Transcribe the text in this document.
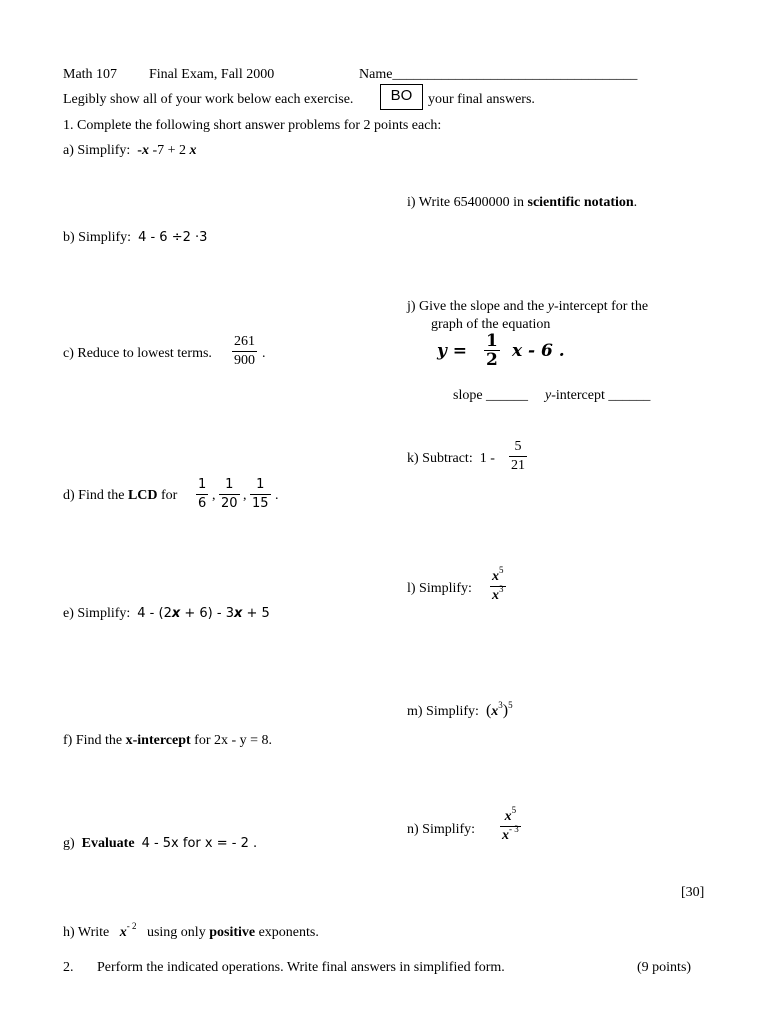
Math 107 Final Exam, Fall 2000	Name___________________________________
Legibly show all of your work below each exercise.	BO	your final answers.
1. Complete the following short answer problems for 2 points each:
a) Simplify: -x -7 + 2 x
b) Simplify: 4 - 6 ÷2 ·3
c) Reduce to lowest terms. $\frac{261}{900}$ .
d) Find the LCD for $\frac{1}{6}$ , $\frac{1}{20}$ , $\frac{1}{15}$ .
e) Simplify: 4 - (2x + 6) - 3x + 5
f) Find the x-intercept for 2x - y = 8.
g) Evaluate 4 - 5x for x = - 2 .
h) Write $x^{- 2}$ using only positive exponents.
i) Write 65400000 in scientific notation.
j) Give the slope and the y-intercept for the
graph of the equation
$y = \frac{1}{2}$ x - 6 .
slope ______ y-intercept ______
k) Subtract: $1 - \frac{5}{21}$
l) Simplify: $\frac{x^5}{x^3}$
m) Simplify: $(x^3)^5$
n) Simplify: $\frac{x^5}{x^{- 3}}$
[30]
2. Perform the indicated operations. Write final answers in simplified form.	(9 points)
